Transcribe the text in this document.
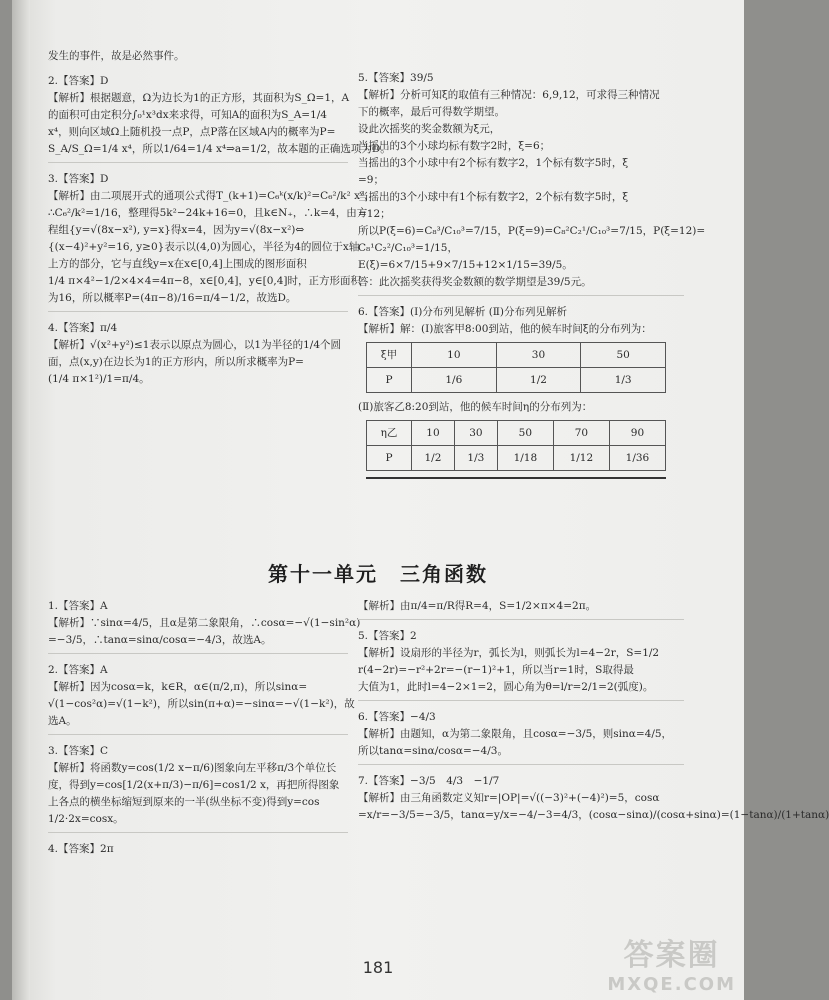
发生的事件，故是必然事件。
2.【答案】D
【解析】根据题意，Ω为边长为1的正方形，其面积为S_Ω=1，A
的面积可由定积分∫₀¹x³dx来求得，可知A的面积为S_A=1/4
x⁴，则向区域Ω上随机投一点P，点P落在区域A内的概率为P=
S_A/S_Ω=1/4 x⁴，所以1/64=1/4 x⁴⇒a=1/2，故本题的正确选项为D。
3.【答案】D
【解析】由二项展开式的通项公式得T_(k+1)=C₆ᵏ(x/k)²=C₆²/k² x²，
∴C₆²/k²=1/16，整理得5k²−24k+16=0，且k∈N₊，∴k=4，由方
程组{y=√(8x−x²), y=x}得x=4，因为y=√(8x−x²)⇔
{(x−4)²+y²=16, y≥0}表示以(4,0)为圆心，半径为4的圆位于x轴
上方的部分，它与直线y=x在x∈[0,4]上围成的图形面积
1/4 π×4²−1/2×4×4=4π−8，x∈[0,4]，y∈[0,4]时，正方形面积
为16，所以概率P=(4π−8)/16=π/4−1/2，故选D。
4.【答案】π/4
【解析】√(x²+y²)≤1表示以原点为圆心，以1为半径的1/4个圆
面，点(x,y)在边长为1的正方形内，所以所求概率为P=
(1/4 π×1²)/1=π/4。
5.【答案】39/5
【解析】分析可知ξ的取值有三种情况：6,9,12，可求得三种情况
下的概率，最后可得数学期望。
设此次摇奖的奖金数额为ξ元，
当摇出的3个小球均标有数字2时，ξ=6；
当摇出的3个小球中有2个标有数字2，1个标有数字5时，ξ
=9；
当摇出的3个小球中有1个标有数字2，2个标有数字5时，ξ
=12；
所以P(ξ=6)=C₈³/C₁₀³=7/15，P(ξ=9)=C₈²C₂¹/C₁₀³=7/15，P(ξ=12)=
C₈¹C₂²/C₁₀³=1/15，
E(ξ)=6×7/15+9×7/15+12×1/15=39/5。
答：此次摇奖获得奖金数额的数学期望是39/5元。
6.【答案】(Ⅰ)分布列见解析 (Ⅱ)分布列见解析
【解析】解：(Ⅰ)旅客甲8:00到站，他的候车时间ξ的分布列为：
ξ甲	10	30	50
P	1/6	1/2	1/3
(Ⅱ)旅客乙8:20到站，他的候车时间η的分布列为：
η乙	10	30	50	70	90
P	1/2	1/3	1/18	1/12	1/36
第十一单元　三角函数
1.【答案】A
【解析】∵sinα=4/5，且α是第二象限角，∴cosα=−√(1−sin²α)
=−3/5，∴tanα=sinα/cosα=−4/3，故选A。
2.【答案】A
【解析】因为cosα=k，k∈R，α∈(π/2,π)，所以sinα=
√(1−cos²α)=√(1−k²)，所以sin(π+α)=−sinα=−√(1−k²)，故
选A。
3.【答案】C
【解析】将函数y=cos(1/2 x−π/6)图象向左平移π/3个单位长
度，得到y=cos[1/2(x+π/3)−π/6]=cos1/2 x，再把所得图象
上各点的横坐标缩短到原来的一半(纵坐标不变)得到y=cos
1/2·2x=cosx。
4.【答案】2π
【解析】由π/4=π/R得R=4，S=1/2×π×4=2π。
5.【答案】2
【解析】设扇形的半径为r，弧长为l，则弧长为l=4−2r，S=1/2
r(4−2r)=−r²+2r=−(r−1)²+1，所以当r=1时，S取得最
大值为1，此时l=4−2×1=2，圆心角为θ=l/r=2/1=2(弧度)。
6.【答案】−4/3
【解析】由题知，α为第二象限角，且cosα=−3/5，则sinα=4/5，
所以tanα=sinα/cosα=−4/3。
7.【答案】−3/5　4/3　−1/7
【解析】由三角函数定义知r=|OP|=√((−3)²+(−4)²)=5，cosα
=x/r=−3/5=−3/5，tanα=y/x=−4/−3=4/3，(cosα−sinα)/(cosα+sinα)=(1−tanα)/(1+tanα)
181	答案圈
MXQE.COM
